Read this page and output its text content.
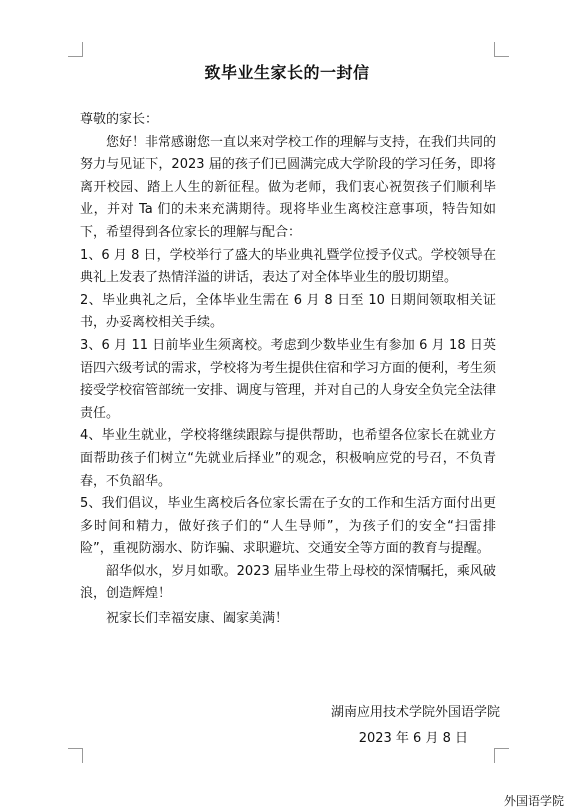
致毕业生家长的一封信

尊敬的家长：

您好！非常感谢您一直以来对学校工作的理解与支持，在我们共同的努力与见证下，2023 届的孩子们已圆满完成大学阶段的学习任务，即将离开校园、踏上人生的新征程。做为老师，我们衷心祝贺孩子们顺利毕业，并对 Ta 们的未来充满期待。现将毕业生离校注意事项，特告知如下，希望得到各位家长的理解与配合：

1、6 月 8 日，学校举行了盛大的毕业典礼暨学位授予仪式。学校领导在典礼上发表了热情洋溢的讲话，表达了对全体毕业生的殷切期望。

2、毕业典礼之后，全体毕业生需在 6 月 8 日至 10 日期间领取相关证书，办妥离校相关手续。

3、6 月 11 日前毕业生须离校。考虑到少数毕业生有参加 6 月 18 日英语四六级考试的需求，学校将为考生提供住宿和学习方面的便利，考生须接受学校宿管部统一安排、调度与管理，并对自己的人身安全负完全法律责任。

4、毕业生就业，学校将继续跟踪与提供帮助，也希望各位家长在就业方面帮助孩子们树立“先就业后择业”的观念，积极响应党的号召，不负青春，不负韶华。

5、我们倡议，毕业生离校后各位家长需在子女的工作和生活方面付出更多时间和精力，做好孩子们的“人生导师”，为孩子们的安全“扫雷排险”，重视防溺水、防诈骗、求职避坑、交通安全等方面的教育与提醒。

韶华似水，岁月如歌。2023 届毕业生带上母校的深情嘱托，乘风破浪，创造辉煌！

祝家长们幸福安康、阖家美满！

湖南应用技术学院外国语学院
2023 年 6 月 8 日
外国语学院
